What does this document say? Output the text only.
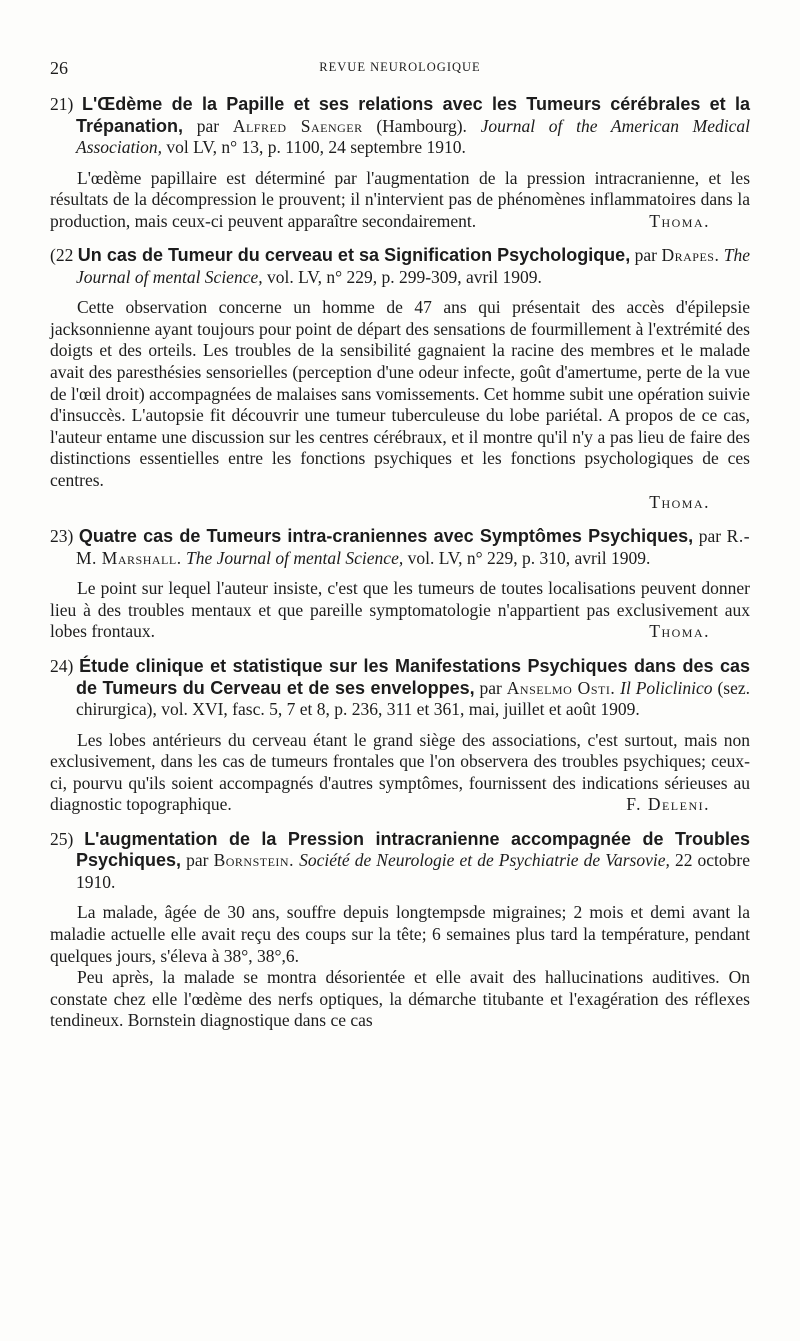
26	REVUE NEUROLOGIQUE
21) L'Œdème de la Papille et ses relations avec les Tumeurs cérébrales et la Trépanation, par Alfred Saenger (Hambourg). Journal of the American Medical Association, vol LV, n° 13, p. 1100, 24 septembre 1910.

L'œdème papillaire est déterminé par l'augmentation de la pression intracranienne, et les résultats de la décompression le prouvent; il n'intervient pas de phénomènes inflammatoires dans la production, mais ceux-ci peuvent apparaître secondairement.	Thoma.

(22 Un cas de Tumeur du cerveau et sa Signification Psychologique, par Drapes. The Journal of mental Science, vol. LV, n° 229, p. 299-309, avril 1909.

Cette observation concerne un homme de 47 ans qui présentait des accès d'épilepsie jacksonnienne ayant toujours pour point de départ des sensations de fourmillement à l'extrémité des doigts et des orteils. Les troubles de la sensibilité gagnaient la racine des membres et le malade avait des paresthésies sensorielles (perception d'une odeur infecte, goût d'amertume, perte de la vue de l'œil droit) accompagnées de malaises sans vomissements. Cet homme subit une opération suivie d'insuccès. L'autopsie fit découvrir une tumeur tuberculeuse du lobe pariétal. A propos de ce cas, l'auteur entame une discussion sur les centres cérébraux, et il montre qu'il n'y a pas lieu de faire des distinctions essentielles entre les fonctions psychiques et les fonctions psychologiques de ces centres.

Thoma.
23) Quatre cas de Tumeurs intra-craniennes avec Symptômes Psychiques, par R.-M. Marshall. The Journal of mental Science, vol. LV, n° 229, p. 310, avril 1909.

Le point sur lequel l'auteur insiste, c'est que les tumeurs de toutes localisations peuvent donner lieu à des troubles mentaux et que pareille symptomatologie n'appartient pas exclusivement aux lobes frontaux.	Thoma.

24) Étude clinique et statistique sur les Manifestations Psychiques dans des cas de Tumeurs du Cerveau et de ses enveloppes, par Anselmo Osti. Il Policlinico (sez. chirurgica), vol. XVI, fasc. 5, 7 et 8, p. 236, 311 et 361, mai, juillet et août 1909.

Les lobes antérieurs du cerveau étant le grand siège des associations, c'est surtout, mais non exclusivement, dans les cas de tumeurs frontales que l'on observera des troubles psychiques; ceux-ci, pourvu qu'ils soient accompagnés d'autres symptômes, fournissent des indications sérieuses au diagnostic topographique.	F. Deleni.

25) L'augmentation de la Pression intracranienne accompagnée de Troubles Psychiques, par Bornstein. Société de Neurologie et de Psychiatrie de Varsovie, 22 octobre 1910.

La malade, âgée de 30 ans, souffre depuis longtempsde migraines; 2 mois et demi avant la maladie actuelle elle avait reçu des coups sur la tête; 6 semaines plus tard la température, pendant quelques jours, s'éleva à 38°, 38°,6.

Peu après, la malade se montra désorientée et elle avait des hallucinations auditives. On constate chez elle l'œdème des nerfs optiques, la démarche titubante et l'exagération des réflexes tendineux. Bornstein diagnostique dans ce cas
